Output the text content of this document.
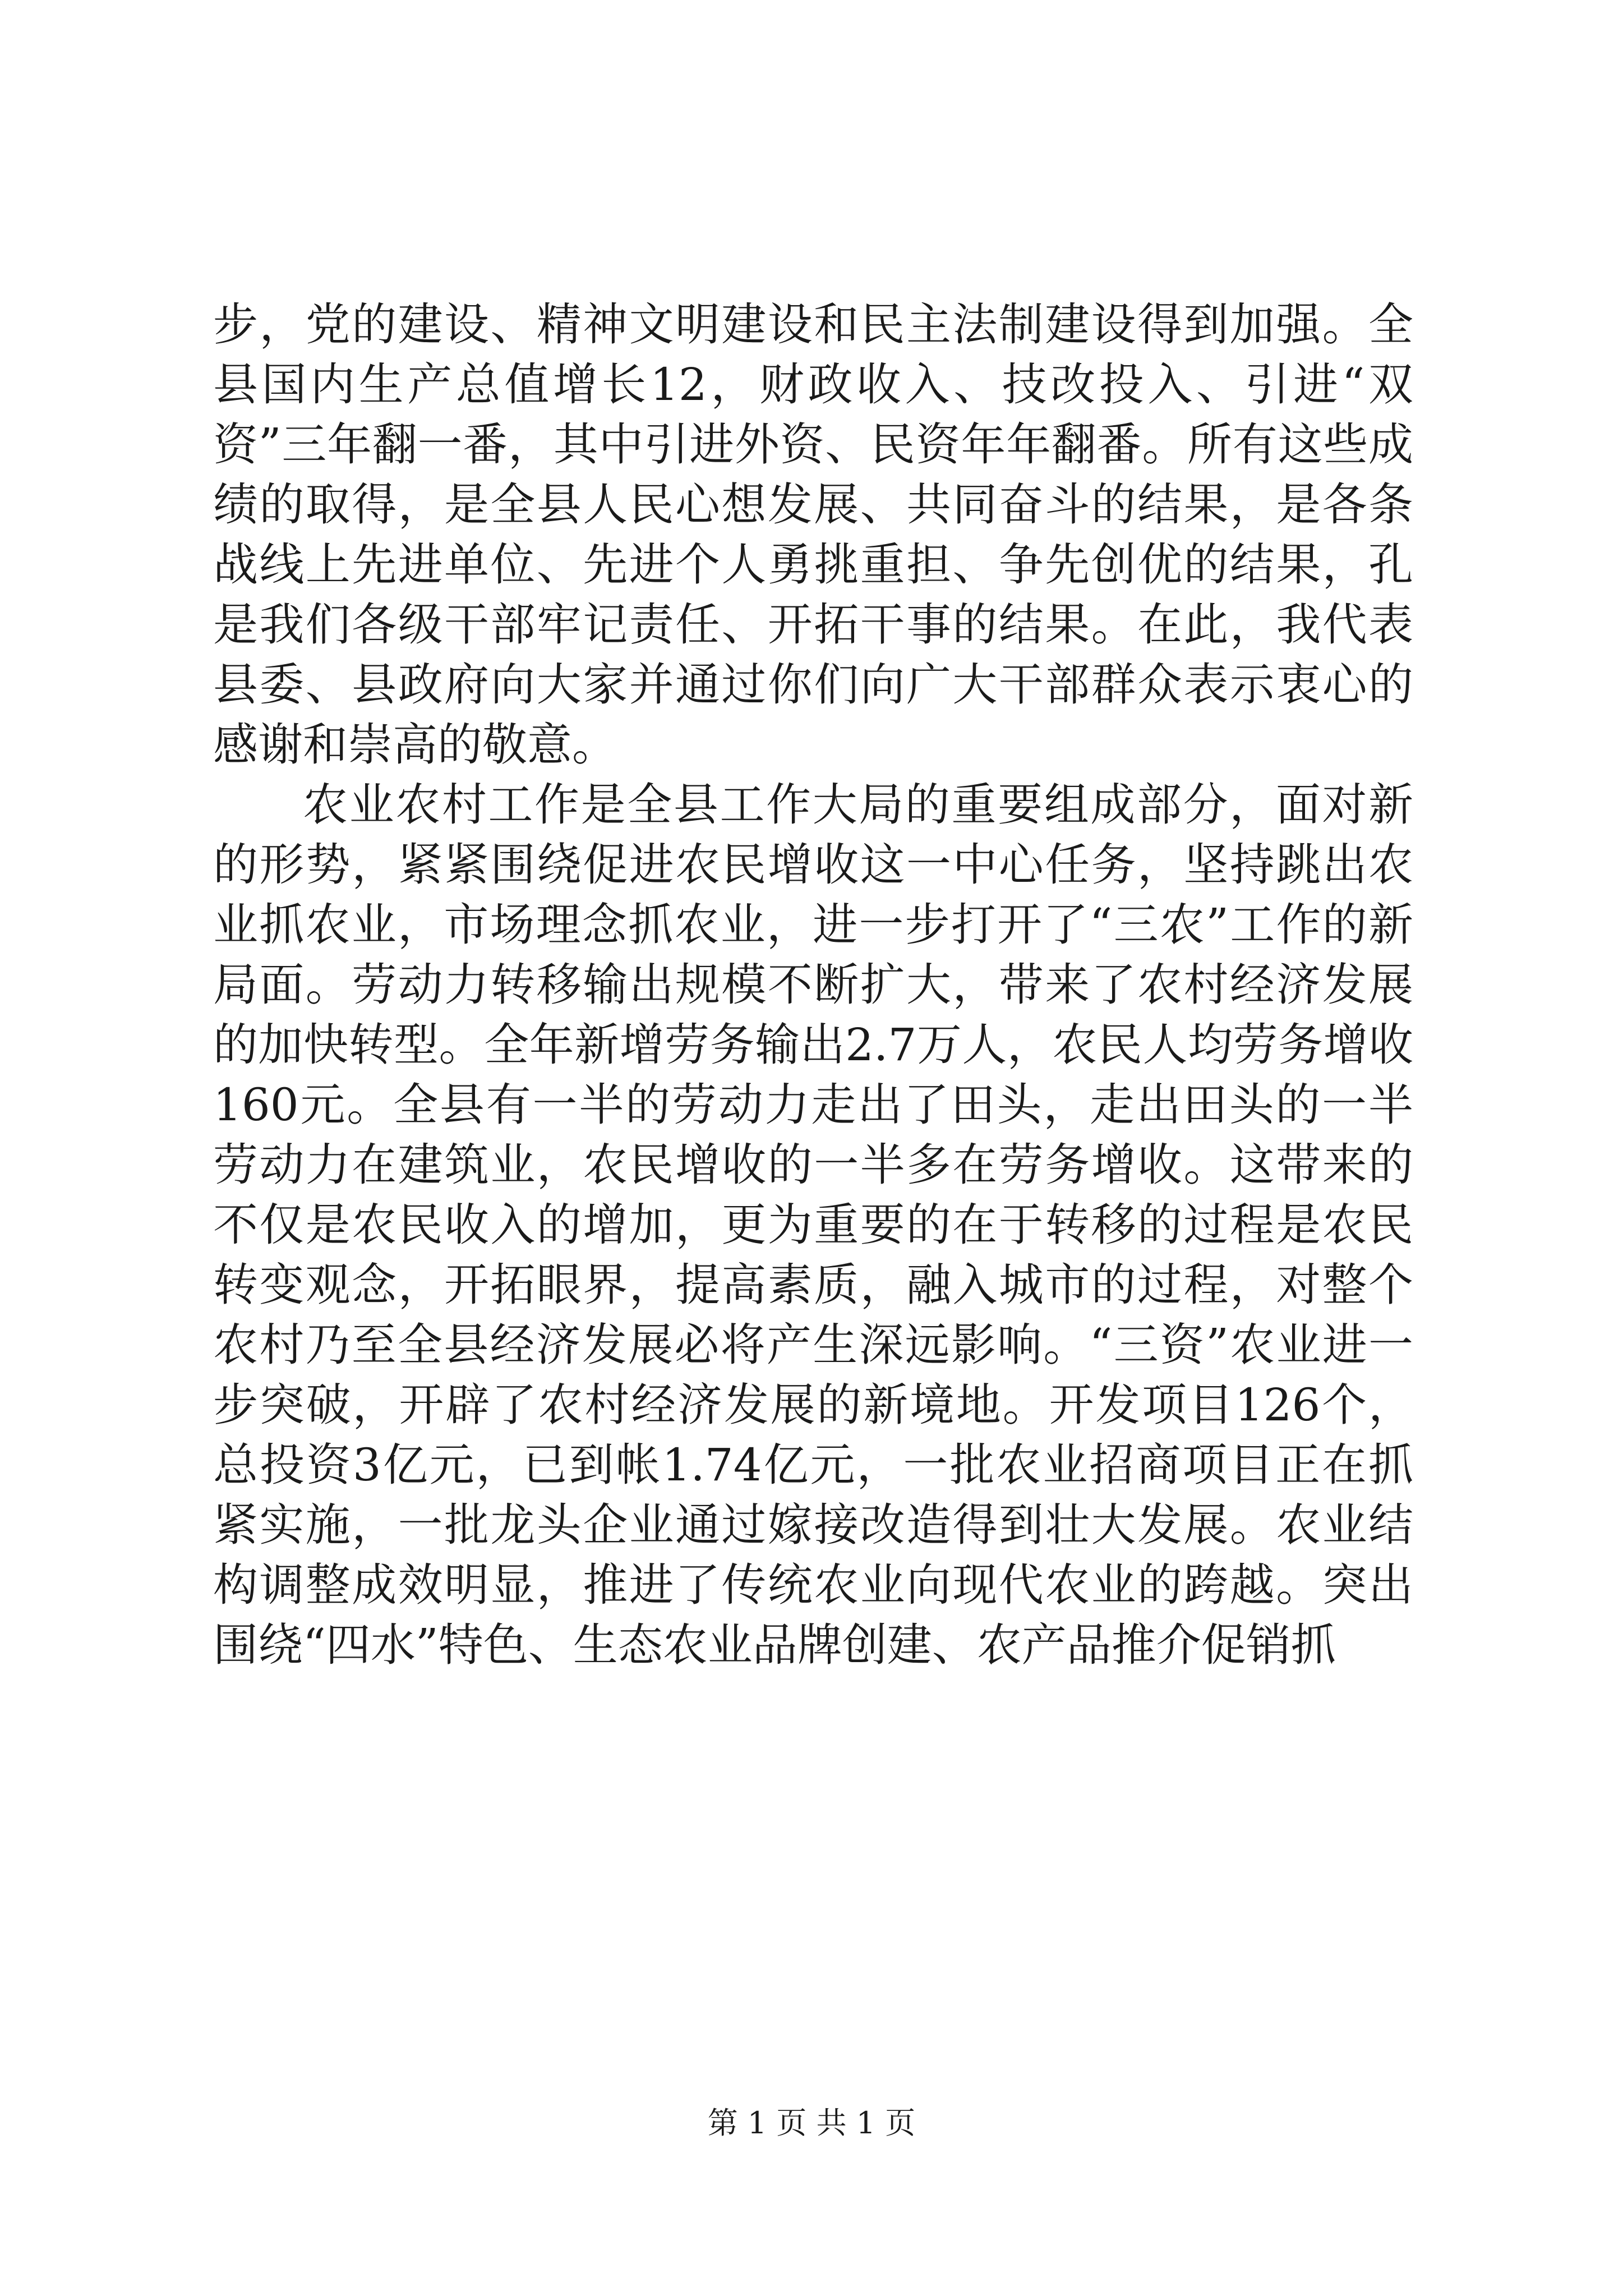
步，党的建设、精神文明建设和民主法制建设得到加强。全县国内生产总值增长12，财政收入、技改投入、引进“双资”三年翻一番，其中引进外资、民资年年翻番。所有这些成绩的取得，是全县人民心想发展、共同奋斗的结果，是各条战线上先进单位、先进个人勇挑重担、争先创优的结果，孔是我们各级干部牢记责任、开拓干事的结果。在此，我代表县委、县政府向大家并通过你们向广大干部群众表示衷心的感谢和崇高的敬意。

农业农村工作是全县工作大局的重要组成部分，面对新的形势，紧紧围绕促进农民增收这一中心任务，坚持跳出农业抓农业，市场理念抓农业，进一步打开了“三农”工作的新局面。劳动力转移输出规模不断扩大，带来了农村经济发展的加快转型。全年新增劳务输出2.7万人，农民人均劳务增收160元。全县有一半的劳动力走出了田头，走出田头的一半劳动力在建筑业，农民增收的一半多在劳务增收。这带来的不仅是农民收入的增加，更为重要的在于转移的过程是农民转变观念，开拓眼界，提高素质，融入城市的过程，对整个农村乃至全县经济发展必将产生深远影响。“三资”农业进一步突破，开辟了农村经济发展的新境地。开发项目126个，总投资3亿元，已到帐1.74亿元，一批农业招商项目正在抓紧实施，一批龙头企业通过嫁接改造得到壮大发展。农业结构调整成效明显，推进了传统农业向现代农业的跨越。突出围绕“四水”特色、生态农业品牌创建、农产品推介促销抓

第 1 页 共 1 页
